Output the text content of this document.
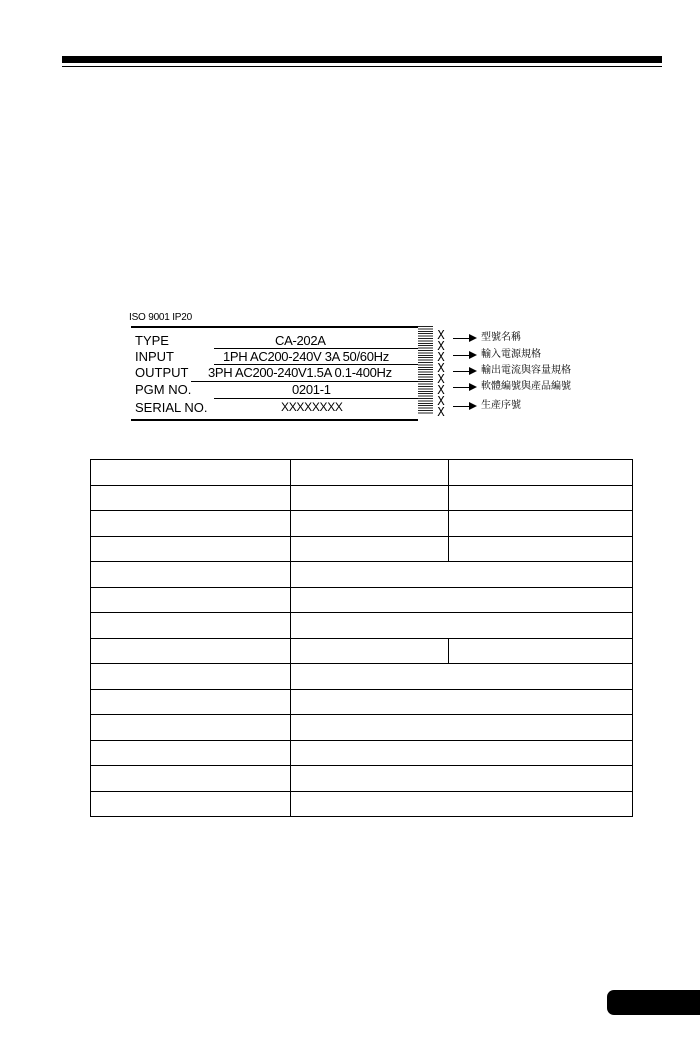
ISO 9001 IP20
TYPE	CA-202A
INPUT	1PH AC200-240V 3A 50/60Hz
OUTPUT 3PH AC200-240V1.5A 0.1-400Hz
PGM NO.	0201-1
SERIAL NO.	XXXXXXXX
XXXXXXXX
型號名稱
輸入電源規格
輸出電流與容量規格
軟體編號與產品編號
生產序號
